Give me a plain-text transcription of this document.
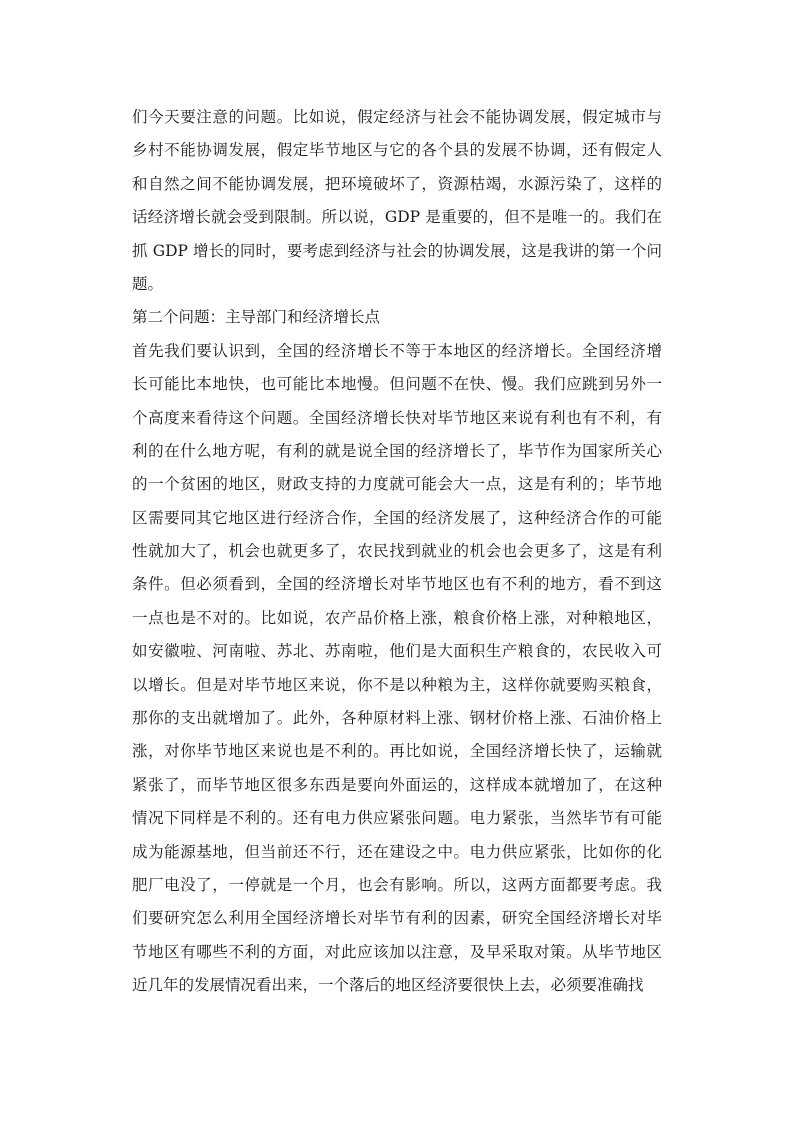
们今天要注意的问题。比如说，假定经济与社会不能协调发展，假定城市与
乡村不能协调发展，假定毕节地区与它的各个县的发展不协调，还有假定人
和自然之间不能协调发展，把环境破坏了，资源枯竭，水源污染了，这样的
话经济增长就会受到限制。所以说，GDP 是重要的，但不是唯一的。我们在
抓 GDP 增长的同时，要考虑到经济与社会的协调发展，这是我讲的第一个问
题。
第二个问题：主导部门和经济增长点
首先我们要认识到，全国的经济增长不等于本地区的经济增长。全国经济增
长可能比本地快，也可能比本地慢。但问题不在快、慢。我们应跳到另外一
个高度来看待这个问题。全国经济增长快对毕节地区来说有利也有不利，有
利的在什么地方呢，有利的就是说全国的经济增长了，毕节作为国家所关心
的一个贫困的地区，财政支持的力度就可能会大一点，这是有利的；毕节地
区需要同其它地区进行经济合作，全国的经济发展了，这种经济合作的可能
性就加大了，机会也就更多了，农民找到就业的机会也会更多了，这是有利
条件。但必须看到，全国的经济增长对毕节地区也有不利的地方，看不到这
一点也是不对的。比如说，农产品价格上涨，粮食价格上涨，对种粮地区，
如安徽啦、河南啦、苏北、苏南啦，他们是大面积生产粮食的，农民收入可
以增长。但是对毕节地区来说，你不是以种粮为主，这样你就要购买粮食，
那你的支出就增加了。此外，各种原材料上涨、钢材价格上涨、石油价格上
涨，对你毕节地区来说也是不利的。再比如说，全国经济增长快了，运输就
紧张了，而毕节地区很多东西是要向外面运的，这样成本就增加了，在这种
情况下同样是不利的。还有电力供应紧张问题。电力紧张，当然毕节有可能
成为能源基地，但当前还不行，还在建设之中。电力供应紧张，比如你的化
肥厂电没了，一停就是一个月，也会有影响。所以，这两方面都要考虑。我
们要研究怎么利用全国经济增长对毕节有利的因素，研究全国经济增长对毕
节地区有哪些不利的方面，对此应该加以注意，及早采取对策。从毕节地区
近几年的发展情况看出来，一个落后的地区经济要很快上去，必须要准确找
